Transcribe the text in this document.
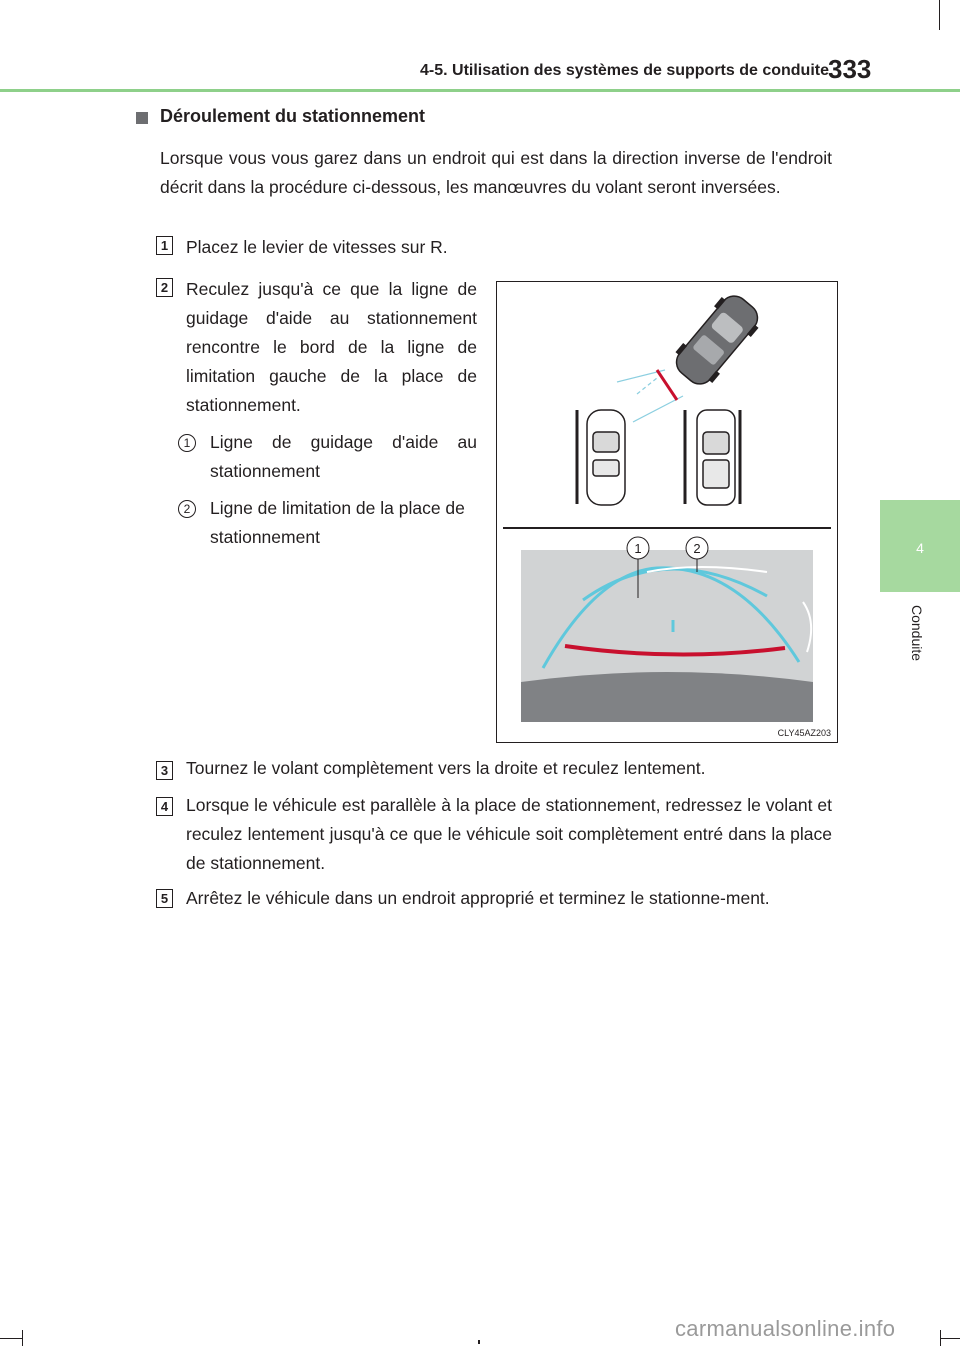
4-5. Utilisation des systèmes de supports de conduite 333
4
Conduite
Déroulement du stationnement
Lorsque vous vous garez dans un endroit qui est dans la direction inverse de l'endroit décrit dans la procédure ci-dessous, les manœuvres du volant seront inversées.
1 Placez le levier de vitesses sur R.
2 Reculez jusqu'à ce que la ligne de guidage d'aide au stationnement rencontre le bord de la ligne de limitation gauche de la place de stationnement.
1	Ligne de guidage d'aide au stationnement
2	Ligne de limitation de la place de stationnement
1	2
CLY45AZ203
3 Tournez le volant complètement vers la droite et reculez lentement.
4 Lorsque le véhicule est parallèle à la place de stationnement, redressez le volant et reculez lentement jusqu'à ce que le véhicule soit complètement entré dans la place de stationnement.
5 Arrêtez le véhicule dans un endroit approprié et terminez le stationne-ment.
carmanualsonline.info
